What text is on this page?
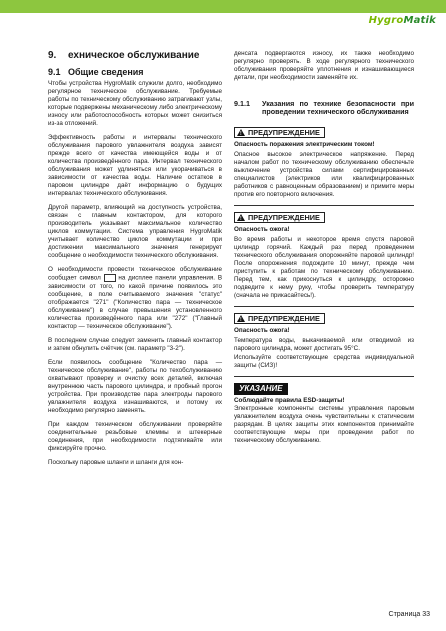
HygroMatik
9. ехническое обслуживание
9.1 Общие сведения

Чтобы устройства HygroMatik служили долго, необходимо регулярное техническое обслуживание. Требуемые работы по техническому обслуживанию затрагивают узлы, которые подвержены механическому либо электрическому износу или работоспособность которых может снизиться из-за отложений.

Эффективность работы и интервалы технического обслуживания парового увлажнителя воздуха зависят прежде всего от качества имеющейся воды и от количества произведённого пара. Интервал технического обслуживания может удлиняться или укорачиваться в зависимости от качества воды. Наличие остатков в паровом цилиндре даёт информацию о будущих интервалах технического обслуживания.

Другой параметр, влияющий на доступность устройства, связан с главным контактором, для которого производитель указывает максимальное количество циклов коммутации. Система управления HygroMatik учитывает количество циклов коммутации и при достижении максимального значения генерирует сообщение о необходимости технического обслуживания.

О необходимости провести техническое обслуживание сообщает символ	на дисплее панели управления. В зависимости от того, по какой причине появилось это сообщение, в поле считываемого значения "статус" отображается "271" ("Количество пара — техническое обслуживание") в случае превышения установленного количества произведённого пара или "272" ("Главный контактор — техническое обслуживание").

В последнем случае следует заменить главный контактор и затем обнулить счётчик (см. параметр "3-2").

Если появилось сообщение "Количество пара — техническое обслуживание", работы по техобслуживанию охватывают проверку и очистку всех деталей, включая внутреннюю часть парового цилиндра, и пробный прогон устройства. При производстве пара электроды парового увлажнителя воздуха изнашиваются, и потому их необходимо регулярно заменять.

При каждом техническом обслуживании проверяйте соединительные резьбовые клеммы и штекерные соединения, при необходимости подтягивайте или фиксируйте прочно.

Поскольку паровые шланги и шланги для кон-

денсата подвергаются износу, их также необходимо регулярно проверять. В ходе регулярного технического обслуживания проверяйте уплотнения и изнашивающиеся детали, при необходимости заменяйте их.

9.1.1	Указания по технике безопасности при проведении технического обслуживания
!
ПРЕДУПРЕЖДЕНИЕ
Опасность поражения электрическим током!

Опасное высокое электрическое напряжение. Перед началом работ по техническому обслуживанию обеспечьте выключение устройства силами сертифицированных специалистов (электриков или квалифицированных работников с равноценным образованием) и примите меры против его повторного включения.

!
ПРЕДУПРЕЖДЕНИЕ
Опасность ожога!

Во время работы и некоторое время спустя паровой цилиндр горячий. Каждый раз перед проведением технического обслуживания опорожняйте паровой цилиндр! После опорожнения подождите 10 минут, прежде чем приступить к работам по техническому обслуживанию. Перед тем, как прикоснуться к цилиндру, осторожно подведите к нему руку, чтобы проверить температуру (сначала не прикасайтесь!).

!
ПРЕДУПРЕЖДЕНИЕ
Опасность ожога!

Температура воды, выкачиваемой или отводимой из парового цилиндра, может достигать 95°C.

Используйте соответствующие средства индивидуальной защиты (СИЗ)!

УКАЗАНИЕ
Соблюдайте правила ESD-защиты!

Электронные компоненты системы управления паровым увлажнителем воздуха очень чувствительны к статическим разрядам. В целях защиты этих компонентов принимайте соответствующие меры при проведении работ по техническому обслуживанию.

Страница 33
